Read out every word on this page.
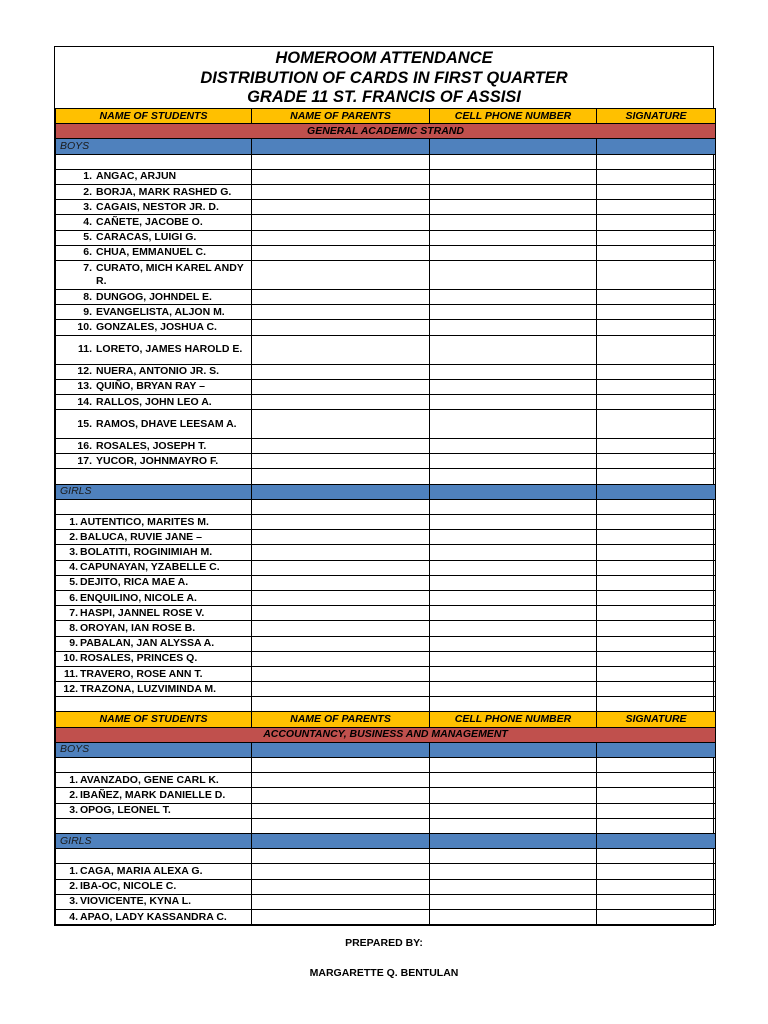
HOMEROOM ATTENDANCE
DISTRIBUTION OF CARDS IN FIRST QUARTER
GRADE 11 ST. FRANCIS OF ASSISI
NAME OF STUDENTS	NAME OF PARENTS	CELL PHONE NUMBER	SIGNATURE
GENERAL ACADEMIC STRAND			
BOYS			

1. ANGAC, ARJUN			

2. BORJA, MARK RASHED G.			

3. CAGAIS, NESTOR JR. D.			

4. CAÑETE, JACOBE O.			

5. CARACAS, LUIGI G.			

6. CHUA, EMMANUEL C.			

7. CURATO, MICH KAREL ANDY R.			

8. DUNGOG, JOHNDEL E.			

9. EVANGELISTA, ALJON M.			

10. GONZALES, JOSHUA C.			

11. LORETO, JAMES HAROLD E.			

12. NUERA, ANTONIO JR. S.			

13. QUIÑO, BRYAN RAY –			

14. RALLOS, JOHN LEO A.			

15. RAMOS, DHAVE LEESAM A.			

16. ROSALES, JOSEPH T.			

17. YUCOR, JOHNMAYRO F.			

GIRLS			

1. AUTENTICO, MARITES M.			

2. BALUCA, RUVIE JANE –			

3. BOLATITI, ROGINIMIAH M.			

4. CAPUNAYAN, YZABELLE C.			

5. DEJITO, RICA MAE A.			

6. ENQUILINO, NICOLE A.			

7. HASPI, JANNEL ROSE V.			

8. OROYAN, IAN ROSE B.			

9. PABALAN, JAN ALYSSA A.			

10. ROSALES, PRINCES Q.			

11. TRAVERO, ROSE ANN T.			

12. TRAZONA, LUZVIMINDA M.			

NAME OF STUDENTS	NAME OF PARENTS	CELL PHONE NUMBER	SIGNATURE
ACCOUNTANCY, BUSINESS AND MANAGEMENT			
BOYS			

1. AVANZADO, GENE CARL K.			

2. IBAÑEZ, MARK DANIELLE D.			

3. OPOG, LEONEL T.			

GIRLS			

1. CAGA, MARIA ALEXA G.			

2. IBA-OC, NICOLE C.			

3. VIOVICENTE, KYNA L.			

4. APAO, LADY KASSANDRA C.			

PREPARED BY:
MARGARETTE Q. BENTULAN
